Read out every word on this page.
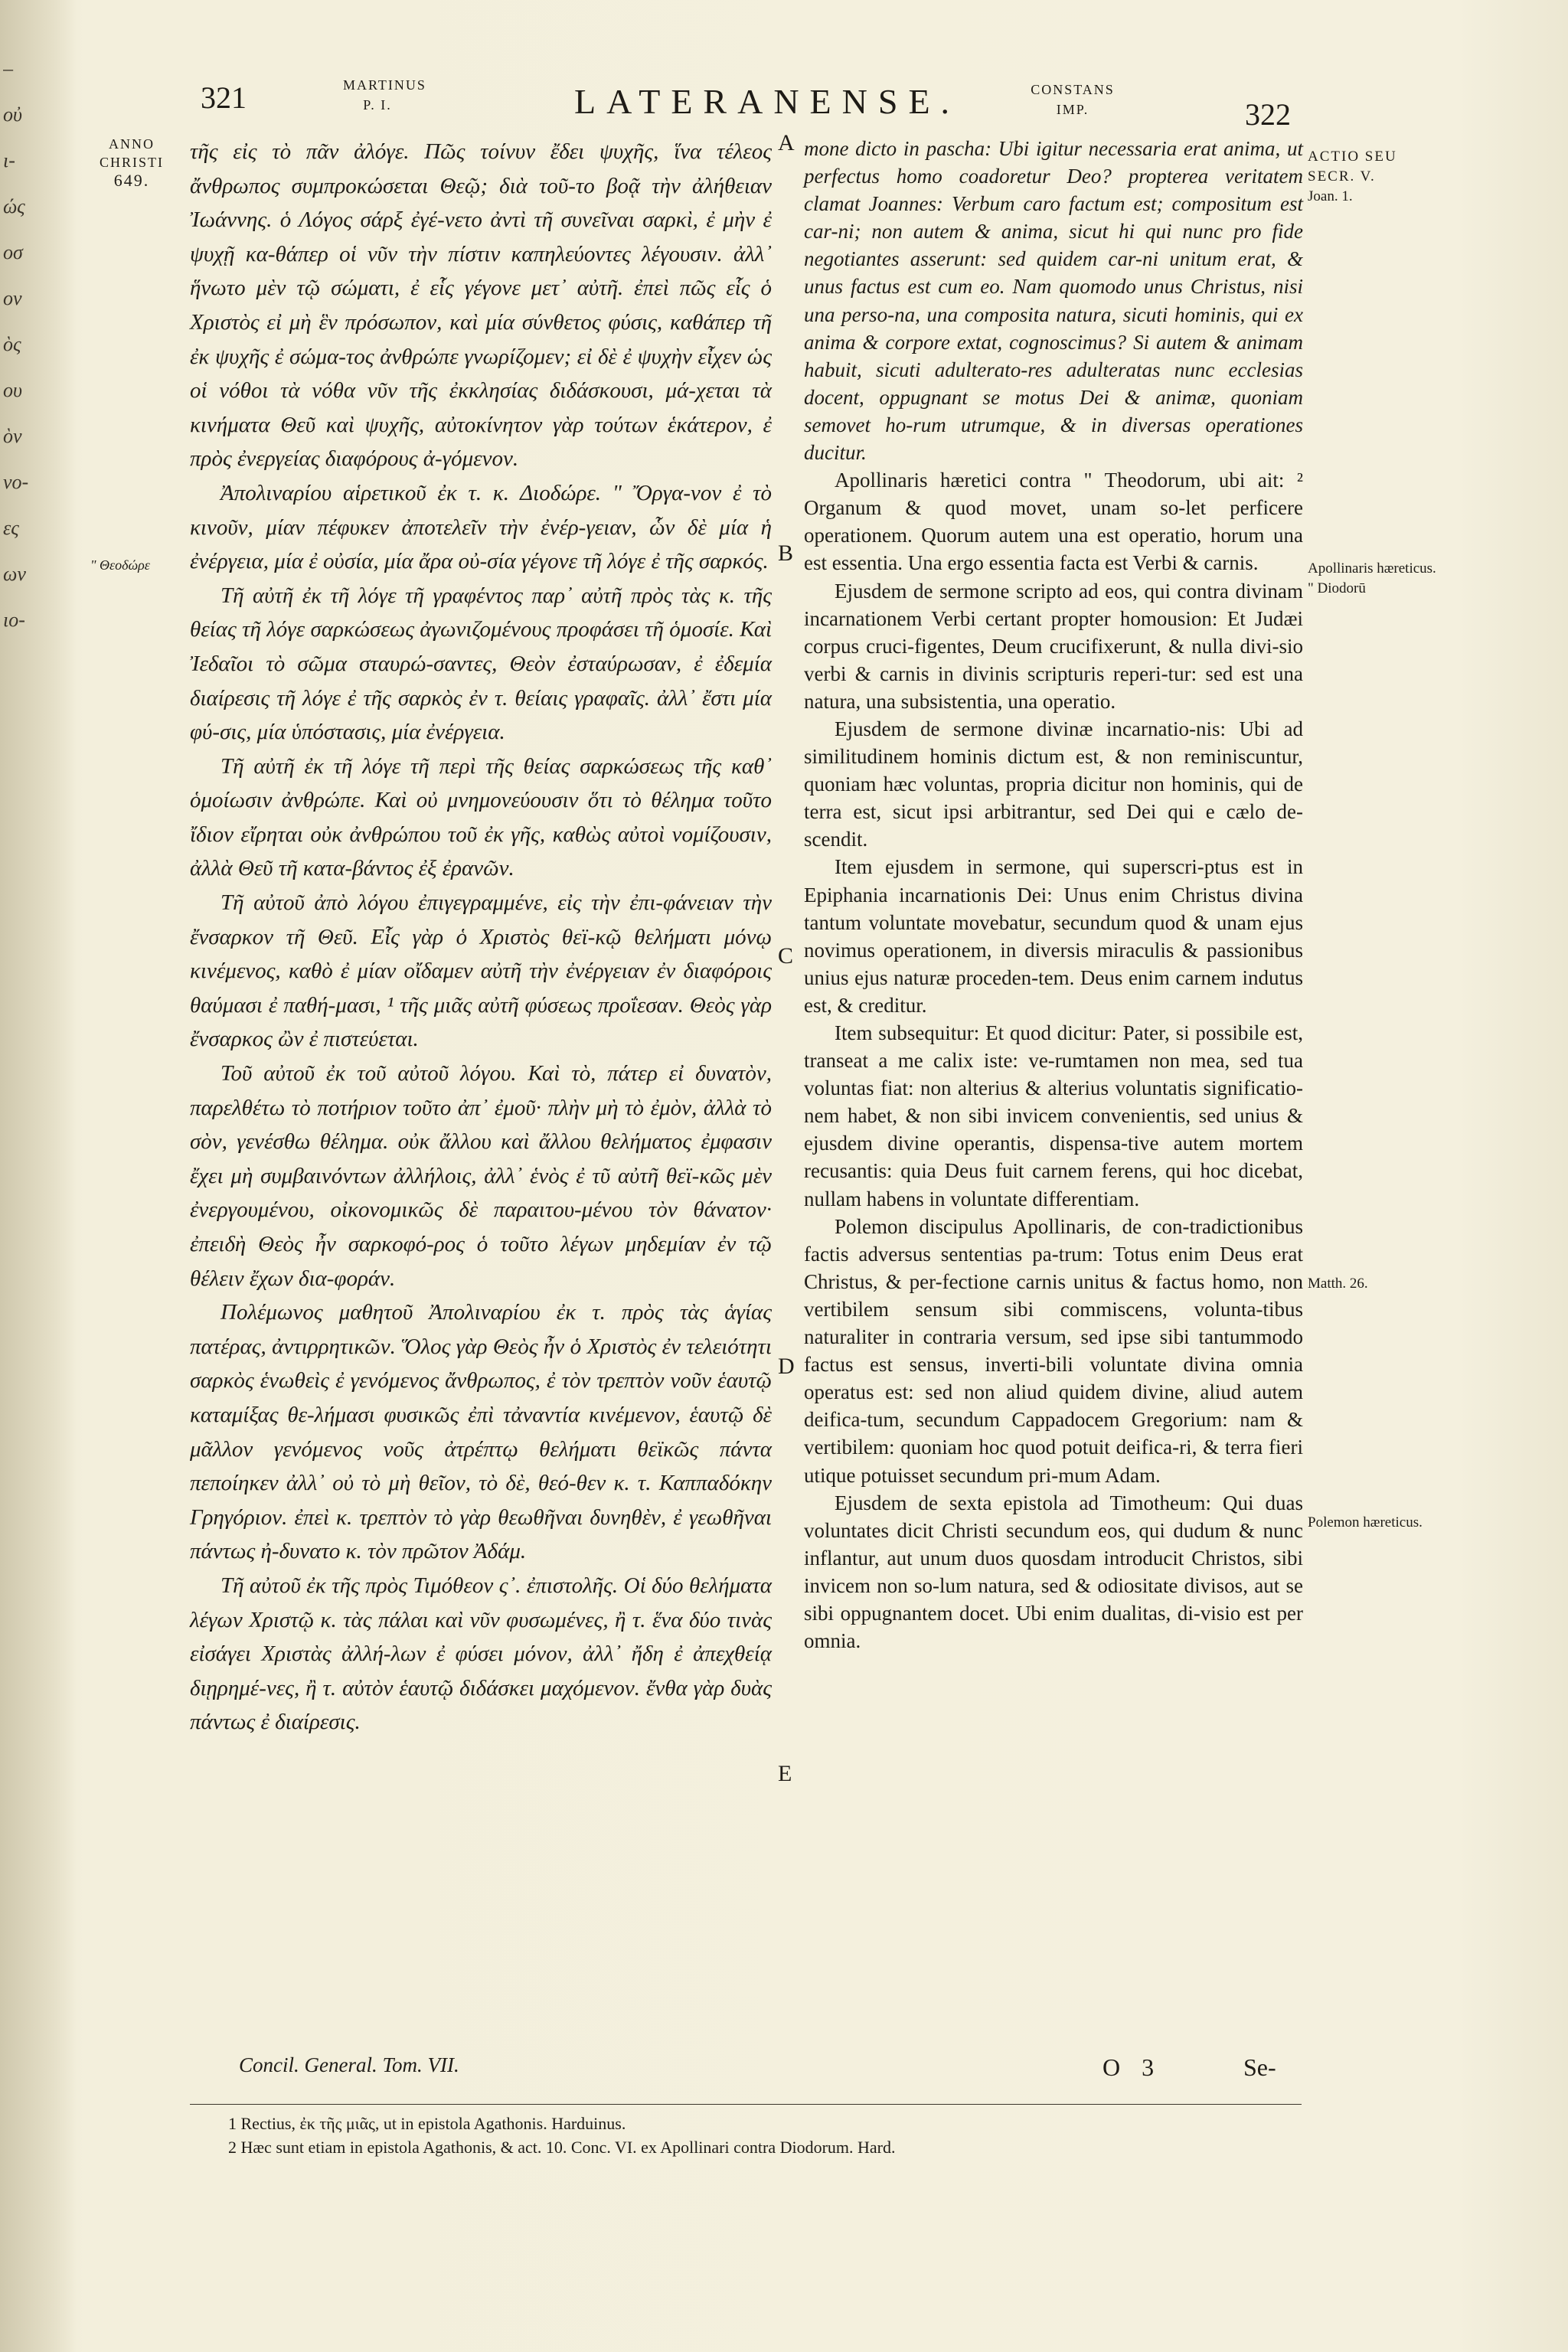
–
οὐ
ι-
ώς
οσ
ον
ὸς
ου
ὸν
νο-
ες
ων
ιο-
321	MARTINUS P. I.	LATERANENSE.	CONSTANS IMP.	322
ANNO CHRISTI
649.
" Θεοδώρε

τῆς εἰς τὸ πᾶν ἀλόγε. Πῶς τοίνυν ἔδει ψυχῆς, ἵνα τέλεος ἄνθρωπος συμπροκώσεται Θεῷ; διὰ τοῦ-το βοᾷ τὴν ἀλήθειαν Ἰωάννης. ὁ Λόγος σάρξ ἐγέ-νετο ἀντὶ τῆ συνεῖναι σαρκὶ, ἐ μὴν ἐ ψυχῇ κα-θάπερ οἱ νῦν τὴν πίστιν καπηλεύοντες λέγουσιν. ἀλλ᾽ ἥνωτο μὲν τῷ σώματι, ἐ εἷς γέγονε μετ᾽ αὐτῆ. ἐπεὶ πῶς εἷς ὁ Χριστὸς εἰ μὴ ἓν πρόσωπον, καὶ μία σύνθετος φύσις, καθάπερ τῆ ἐκ ψυχῆς ἐ σώμα-τος ἀνθρώπε γνωρίζομεν; εἰ δὲ ἐ ψυχὴν εἶχεν ὡς οἱ νόθοι τὰ νόθα νῦν τῆς ἐκκλησίας διδάσκουσι, μά-χεται τὰ κινήματα Θεῦ καὶ ψυχῆς, αὐτοκίνητον γὰρ τούτων ἑκάτερον, ἐ πρὸς ἐνεργείας διαφόρους ἀ-γόμενον.

Ἀπολιναρίου αἱρετικοῦ ἐκ τ. κ. Διοδώρε. " Ὄργα-νον ἐ τὸ κινοῦν, μίαν πέφυκεν ἀποτελεῖν τὴν ἐνέρ-γειαν, ὧν δὲ μία ἡ ἐνέργεια, μία ἐ οὐσία, μία ἄρα οὐ-σία γέγονε τῆ λόγε ἐ τῆς σαρκός.

Τῆ αὐτῆ ἐκ τῆ λόγε τῆ γραφέντος παρ᾽ αὐτῆ πρὸς τὰς κ. τῆς θείας τῆ λόγε σαρκώσεως ἀγωνιζομένους προφάσει τῆ ὁμοσίε. Καὶ Ἰεδαῖοι τὸ σῶμα σταυρώ-σαντες, Θεὸν ἐσταύρωσαν, ἐ ἐδεμία διαίρεσις τῆ λόγε ἐ τῆς σαρκὸς ἐν τ. θείαις γραφαῖς. ἀλλ᾽ ἔστι μία φύ-σις, μία ὑπόστασις, μία ἐνέργεια.

Τῆ αὐτῆ ἐκ τῆ λόγε τῆ περὶ τῆς θείας σαρκώσεως τῆς καθ᾽ ὁμοίωσιν ἀνθρώπε. Καὶ οὐ μνημονεύουσιν ὅτι τὸ θέλημα τοῦτο ἴδιον εἴρηται οὐκ ἀνθρώπου τοῦ ἐκ γῆς, καθὼς αὐτοὶ νομίζουσιν, ἀλλὰ Θεῦ τῆ κατα-βάντος ἐξ ἐρανῶν.

Τῆ αὐτοῦ ἀπὸ λόγου ἐπιγεγραμμένε, εἰς τὴν ἐπι-φάνειαν τὴν ἔνσαρκον τῆ Θεῦ. Εἷς γὰρ ὁ Χριστὸς θεϊ-κῷ θελήματι μόνῳ κινέμενος, καθὸ ἐ μίαν οἴδαμεν αὐτῆ τὴν ἐνέργειαν ἐν διαφόροις θαύμασι ἐ παθή-μασι, ¹ τῆς μιᾶς αὐτῆ φύσεως προΐεσαν. Θεὸς γὰρ ἔνσαρκος ὢν ἐ πιστεύεται.

Τοῦ αὐτοῦ ἐκ τοῦ αὐτοῦ λόγου. Καὶ τὸ, πάτερ εἰ δυνατὸν, παρελθέτω τὸ ποτήριον τοῦτο ἀπ᾽ ἐμοῦ· πλὴν μὴ τὸ ἐμὸν, ἀλλὰ τὸ σὸν, γενέσθω θέλημα. οὐκ ἄλλου καὶ ἄλλου θελήματος ἐμφασιν ἔχει μὴ συμβαινόντων ἀλλήλοις, ἀλλ᾽ ἑνὸς ἐ τῦ αὐτῆ θεϊ-κῶς μὲν ἐνεργουμένου, οἰκονομικῶς δὲ παραιτου-μένου τὸν θάνατον· ἐπειδὴ Θεὸς ἦν σαρκοφό-ρος ὁ τοῦτο λέγων μηδεμίαν ἐν τῷ θέλειν ἔχων δια-φοράν.

Πολέμωνος μαθητοῦ Ἀπολιναρίου ἐκ τ. πρὸς τὰς ἁγίας πατέρας, ἀντιρρητικῶν. Ὅλος γὰρ Θεὸς ἦν ὁ Χριστὸς ἐν τελειότητι σαρκὸς ἑνωθεὶς ἐ γενόμενος ἄνθρωπος, ἐ τὸν τρεπτὸν νοῦν ἑαυτῷ καταμίξας θε-λήμασι φυσικῶς ἐπὶ τἀναντία κινέμενον, ἑαυτῷ δὲ μᾶλλον γενόμενος νοῦς ἀτρέπτῳ θελήματι θεϊκῶς πάντα πεποίηκεν ἀλλ᾽ οὐ τὸ μὴ θεῖον, τὸ δὲ, θεό-θεν κ. τ. Καππαδόκην Γρηγόριον. ἐπεὶ κ. τρεπτὸν τὸ γὰρ θεωθῆναι δυνηθὲν, ἐ γεωθῆναι πάντως ἠ-δυνατο κ. τὸν πρῶτον Ἀδάμ.

Τῆ αὐτοῦ ἐκ τῆς πρὸς Τιμόθεον ς᾽. ἐπιστολῆς. Οἱ δύο θελήματα λέγων Χριστῷ κ. τὰς πάλαι καὶ νῦν φυσωμένες, ἢ τ. ἕνα δύο τινὰς εἰσάγει Χριστὰς ἀλλή-λων ἐ φύσει μόνον, ἀλλ᾽ ἤδη ἐ ἀπεχθείᾳ διῃρημέ-νες, ἢ τ. αὐτὸν ἑαυτῷ διδάσκει μαχόμενον. ἔνθα γὰρ δυὰς πάντως ἐ διαίρεσις.

Concil. General. Tom. VII.
A
B
C
D
E

mone dicto in pascha: Ubi igitur necessaria erat anima, ut perfectus homo coadoretur Deo? propterea veritatem clamat Joannes: Verbum caro factum est; compositum est car-ni; non autem & anima, sicut hi qui nunc pro fide negotiantes asserunt: sed quidem car-ni unitum erat, & unus factus est cum eo. Nam quomodo unus Christus, nisi una perso-na, una composita natura, sicuti hominis, qui ex anima & corpore extat, cognoscimus? Si autem & animam habuit, sicuti adulterato-res adulteratas nunc ecclesias docent, oppugnant se motus Dei & animæ, quoniam semovet ho-rum utrumque, & in diversas operationes ducitur.

Apollinaris hæretici contra " Theodorum, ubi ait: ² Organum & quod movet, unam so-let perficere operationem. Quorum autem una est operatio, horum una est essentia. Una ergo essentia facta est Verbi & carnis.

Ejusdem de sermone scripto ad eos, qui contra divinam incarnationem Verbi certant propter homousion: Et Judæi corpus cruci-figentes, Deum crucifixerunt, & nulla divi-sio verbi & carnis in divinis scripturis reperi-tur: sed est una natura, una subsistentia, una operatio.

Ejusdem de sermone divinæ incarnatio-nis: Ubi ad similitudinem hominis dictum est, & non reminiscuntur, quoniam hæc voluntas, propria dicitur non hominis, qui de terra est, sicut ipsi arbitrantur, sed Dei qui e cælo de-scendit.

Item ejusdem in sermone, qui superscri-ptus est in Epiphania incarnationis Dei: Unus enim Christus divina tantum voluntate movebatur, secundum quod & unam ejus novimus operationem, in diversis miraculis & passionibus unius ejus naturæ proceden-tem. Deus enim carnem indutus est, & creditur.

Item subsequitur: Et quod dicitur: Pater, si possibile est, transeat a me calix iste: ve-rumtamen non mea, sed tua voluntas fiat: non alterius & alterius voluntatis significatio-nem habet, & non sibi invicem convenientis, sed unius & ejusdem divine operantis, dispensa-tive autem mortem recusantis: quia Deus fuit carnem ferens, qui hoc dicebat, nullam habens in voluntate differentiam.

Polemon discipulus Apollinaris, de con-tradictionibus factis adversus sententias pa-trum: Totus enim Deus erat Christus, & per-fectione carnis unitus & factus homo, non vertibilem sensum sibi commiscens, volunta-tibus naturaliter in contraria versum, sed ipse sibi tantummodo factus est sensus, inverti-bili voluntate divina omnia operatus est: sed non aliud quidem divine, aliud autem deifica-tum, secundum Cappadocem Gregorium: nam & vertibilem: quoniam hoc quod potuit deifica-ri, & terra fieri utique potuisset secundum pri-mum Adam.

Ejusdem de sexta epistola ad Timotheum: Qui duas voluntates dicit Christi secundum eos, qui dudum & nunc inflantur, aut unum duos quosdam introducit Christos, sibi invicem non so-lum natura, sed & odiositate divisos, aut se sibi oppugnantem docet. Ubi enim dualitas, di-visio est per omnia.

ACTIO SEU SECR. V.
Joan. 1.
Apollinaris hæreticus. " Diodorū
Matth. 26.
Polemon hæreticus.
O 3	Se-

1 Rectius, ἐκ τῆς μιᾶς, ut in epistola Agathonis. Harduinus.

2 Hæc sunt etiam in epistola Agathonis, & act. 10. Conc. VI. ex Apollinari contra Diodorum. Hard.
